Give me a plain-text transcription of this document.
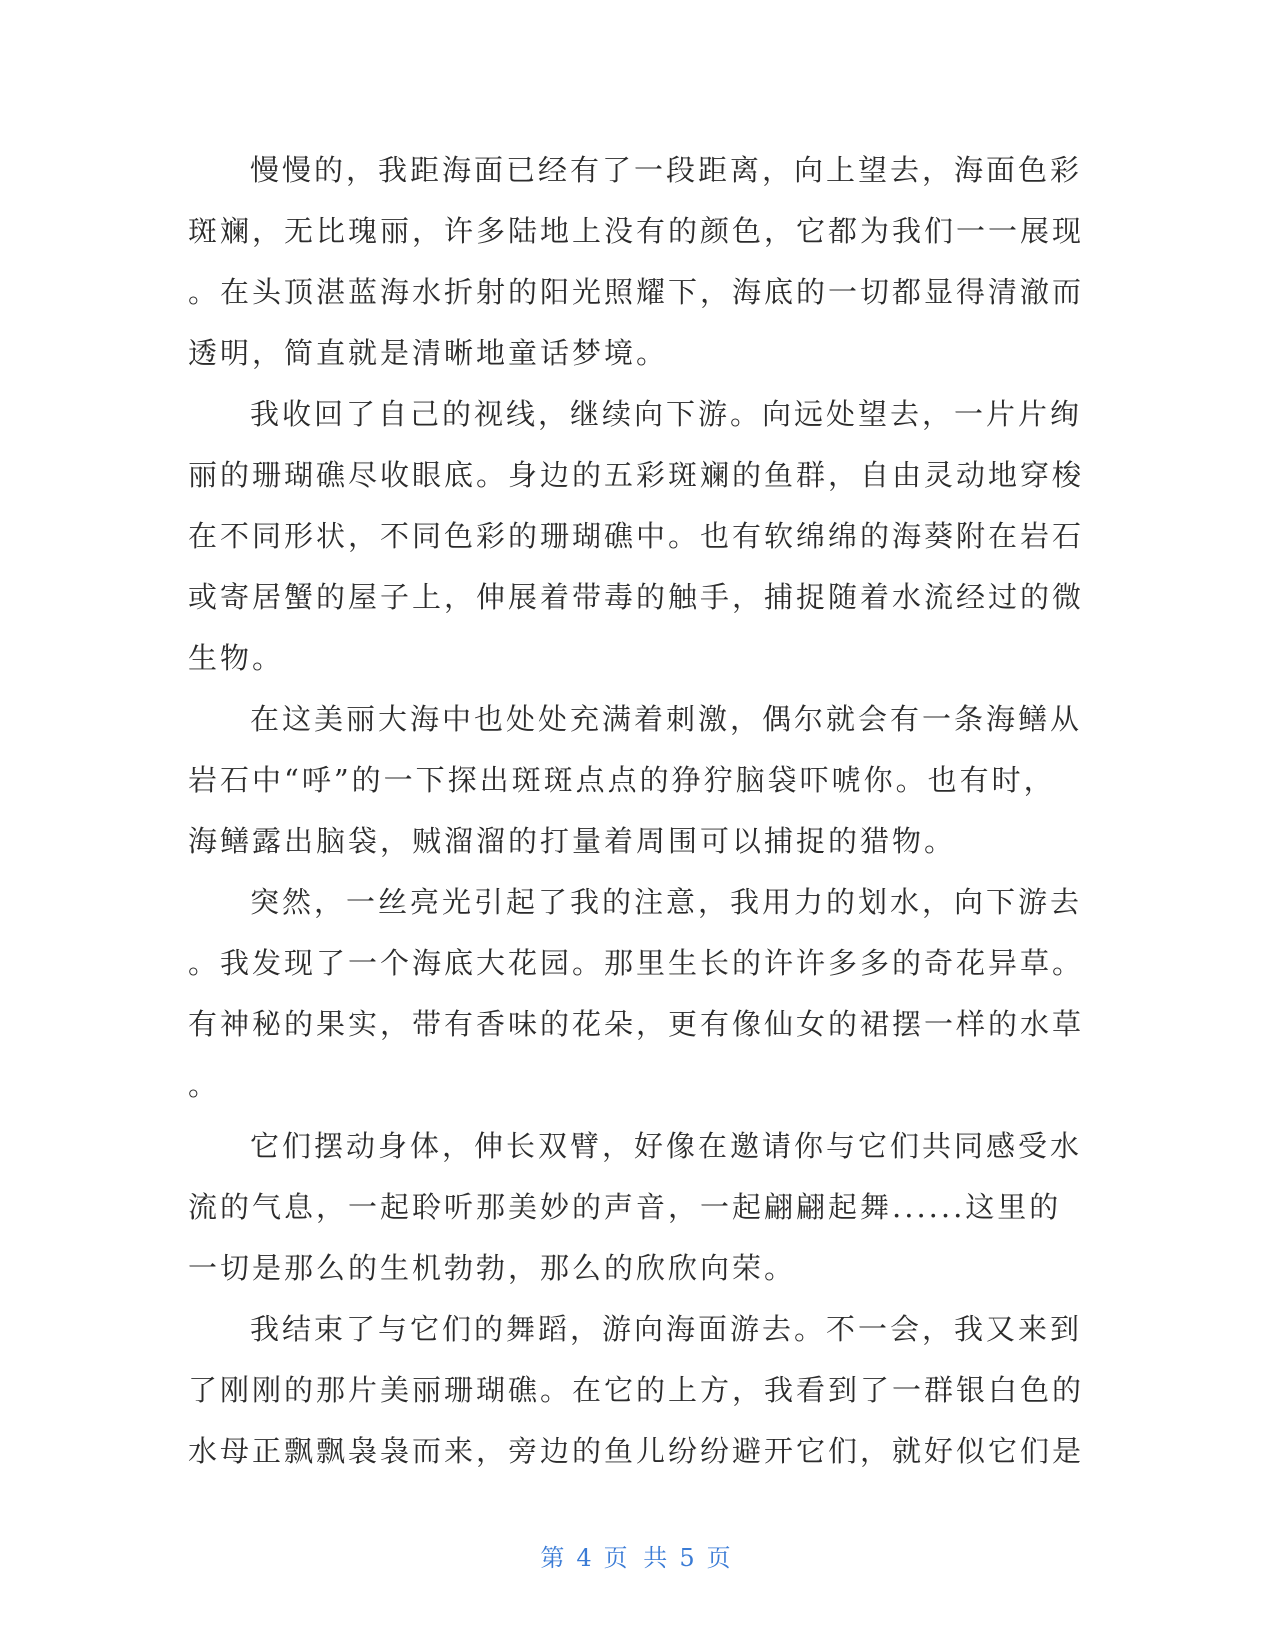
慢慢的，我距海面已经有了一段距离，向上望去，海面色彩
斑斓，无比瑰丽，许多陆地上没有的颜色，它都为我们一一展现
。在头顶湛蓝海水折射的阳光照耀下，海底的一切都显得清澈而
透明，简直就是清晰地童话梦境。
我收回了自己的视线，继续向下游。向远处望去，一片片绚
丽的珊瑚礁尽收眼底。身边的五彩斑斓的鱼群，自由灵动地穿梭
在不同形状，不同色彩的珊瑚礁中。也有软绵绵的海葵附在岩石
或寄居蟹的屋子上，伸展着带毒的触手，捕捉随着水流经过的微
生物。
在这美丽大海中也处处充满着刺激，偶尔就会有一条海鳝从
岩石中“呼”的一下探出斑斑点点的狰狞脑袋吓唬你。也有时，
海鳝露出脑袋，贼溜溜的打量着周围可以捕捉的猎物。
突然，一丝亮光引起了我的注意，我用力的划水，向下游去
。我发现了一个海底大花园。那里生长的许许多多的奇花异草。
有神秘的果实，带有香味的花朵，更有像仙女的裙摆一样的水草
。
它们摆动身体，伸长双臂，好像在邀请你与它们共同感受水
流的气息，一起聆听那美妙的声音，一起翩翩起舞......这里的
一切是那么的生机勃勃，那么的欣欣向荣。
我结束了与它们的舞蹈，游向海面游去。不一会，我又来到
了刚刚的那片美丽珊瑚礁。在它的上方，我看到了一群银白色的
水母正飘飘袅袅而来，旁边的鱼儿纷纷避开它们，就好似它们是
第 4 页 共 5 页
